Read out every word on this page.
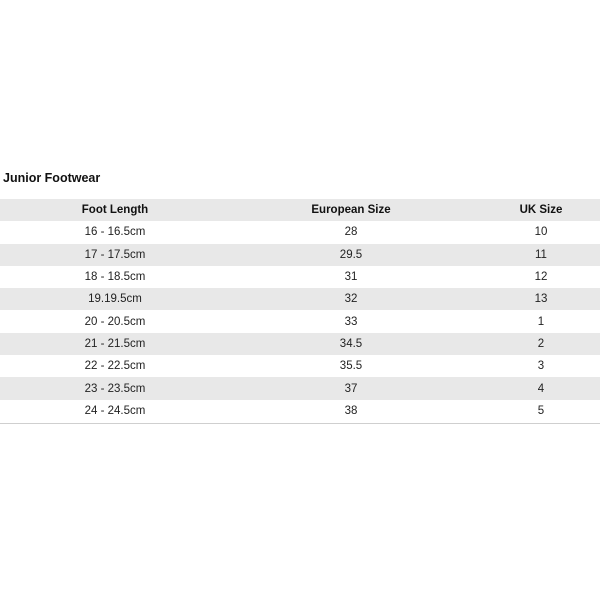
Junior Footwear
Foot Length	European Size	UK Size
16 - 16.5cm	28	10
17 - 17.5cm	29.5	11
18 - 18.5cm	31	12
19.19.5cm	32	13
20 - 20.5cm	33	1
21 - 21.5cm	34.5	2
22 - 22.5cm	35.5	3
23 - 23.5cm	37	4
24 - 24.5cm	38	5
